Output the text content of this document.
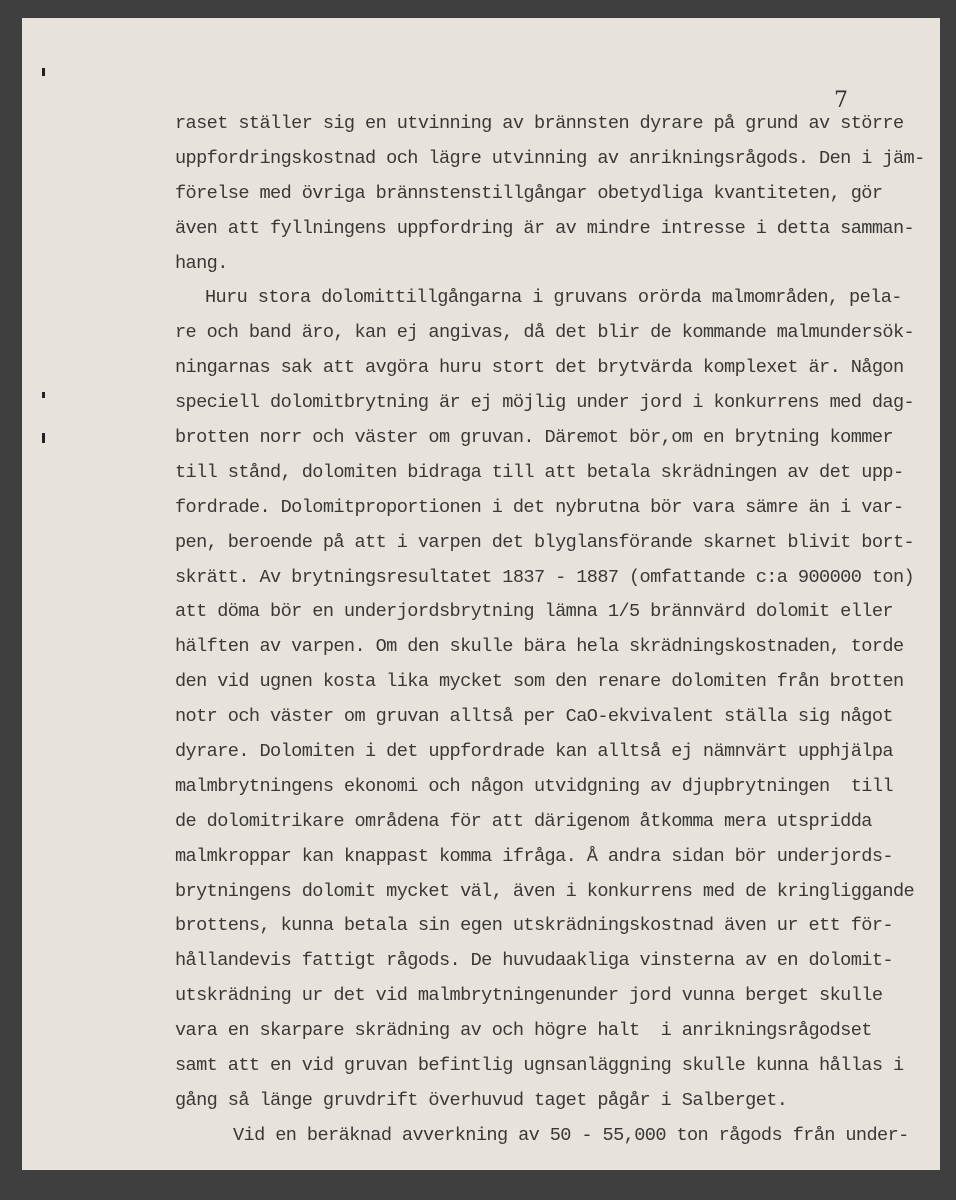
7
raset ställer sig en utvinning av brännsten dyrare på grund av större
uppfordringskostnad och lägre utvinning av anrikningsrågods. Den i jäm-
förelse med övriga brännstenstillgångar obetydliga kvantiteten, gör
även att fyllningens uppfordring är av mindre intresse i detta samman-
hang.
Huru stora dolomittillgångarna i gruvans orörda malmområden, pela-
re och band äro, kan ej angivas, då det blir de kommande malmundersök-
ningarnas sak att avgöra huru stort det brytvärda komplexet är. Någon
speciell dolomitbrytning är ej möjlig under jord i konkurrens med dag-
brotten norr och väster om gruvan. Däremot bör,om en brytning kommer
till stånd, dolomiten bidraga till att betala skrädningen av det upp-
fordrade. Dolomitproportionen i det nybrutna bör vara sämre än i var-
pen, beroende på att i varpen det blyglansförande skarnet blivit bort-
skrätt. Av brytningsresultatet 1837 - 1887 (omfattande c:a 900000 ton)
att döma bör en underjordsbrytning lämna 1/5 brännvärd dolomit eller
hälften av varpen. Om den skulle bära hela skrädningskostnaden, torde
den vid ugnen kosta lika mycket som den renare dolomiten från brotten
notr och väster om gruvan alltså per CaO-ekvivalent ställa sig något
dyrare. Dolomiten i det uppfordrade kan alltså ej nämnvärt upphjälpa
malmbrytningens ekonomi och någon utvidgning av djupbrytningen  till
de dolomitrikare områdena för att därigenom åtkomma mera utspridda
malmkroppar kan knappast komma ifråga. Å andra sidan bör underjords-
brytningens dolomit mycket väl, även i konkurrens med de kringliggande
brottens, kunna betala sin egen utskrädningskostnad även ur ett för-
hållandevis fattigt rågods. De huvudaakliga vinsterna av en dolomit-
utskrädning ur det vid malmbrytningenunder jord vunna berget skulle
vara en skarpare skrädning av och högre halt  i anrikningsrågodset
samt att en vid gruvan befintlig ugnsanläggning skulle kunna hållas i
gång så länge gruvdrift överhuvud taget pågår i Salberget.
Vid en beräknad avverkning av 50 - 55,000 ton rågods från under-
